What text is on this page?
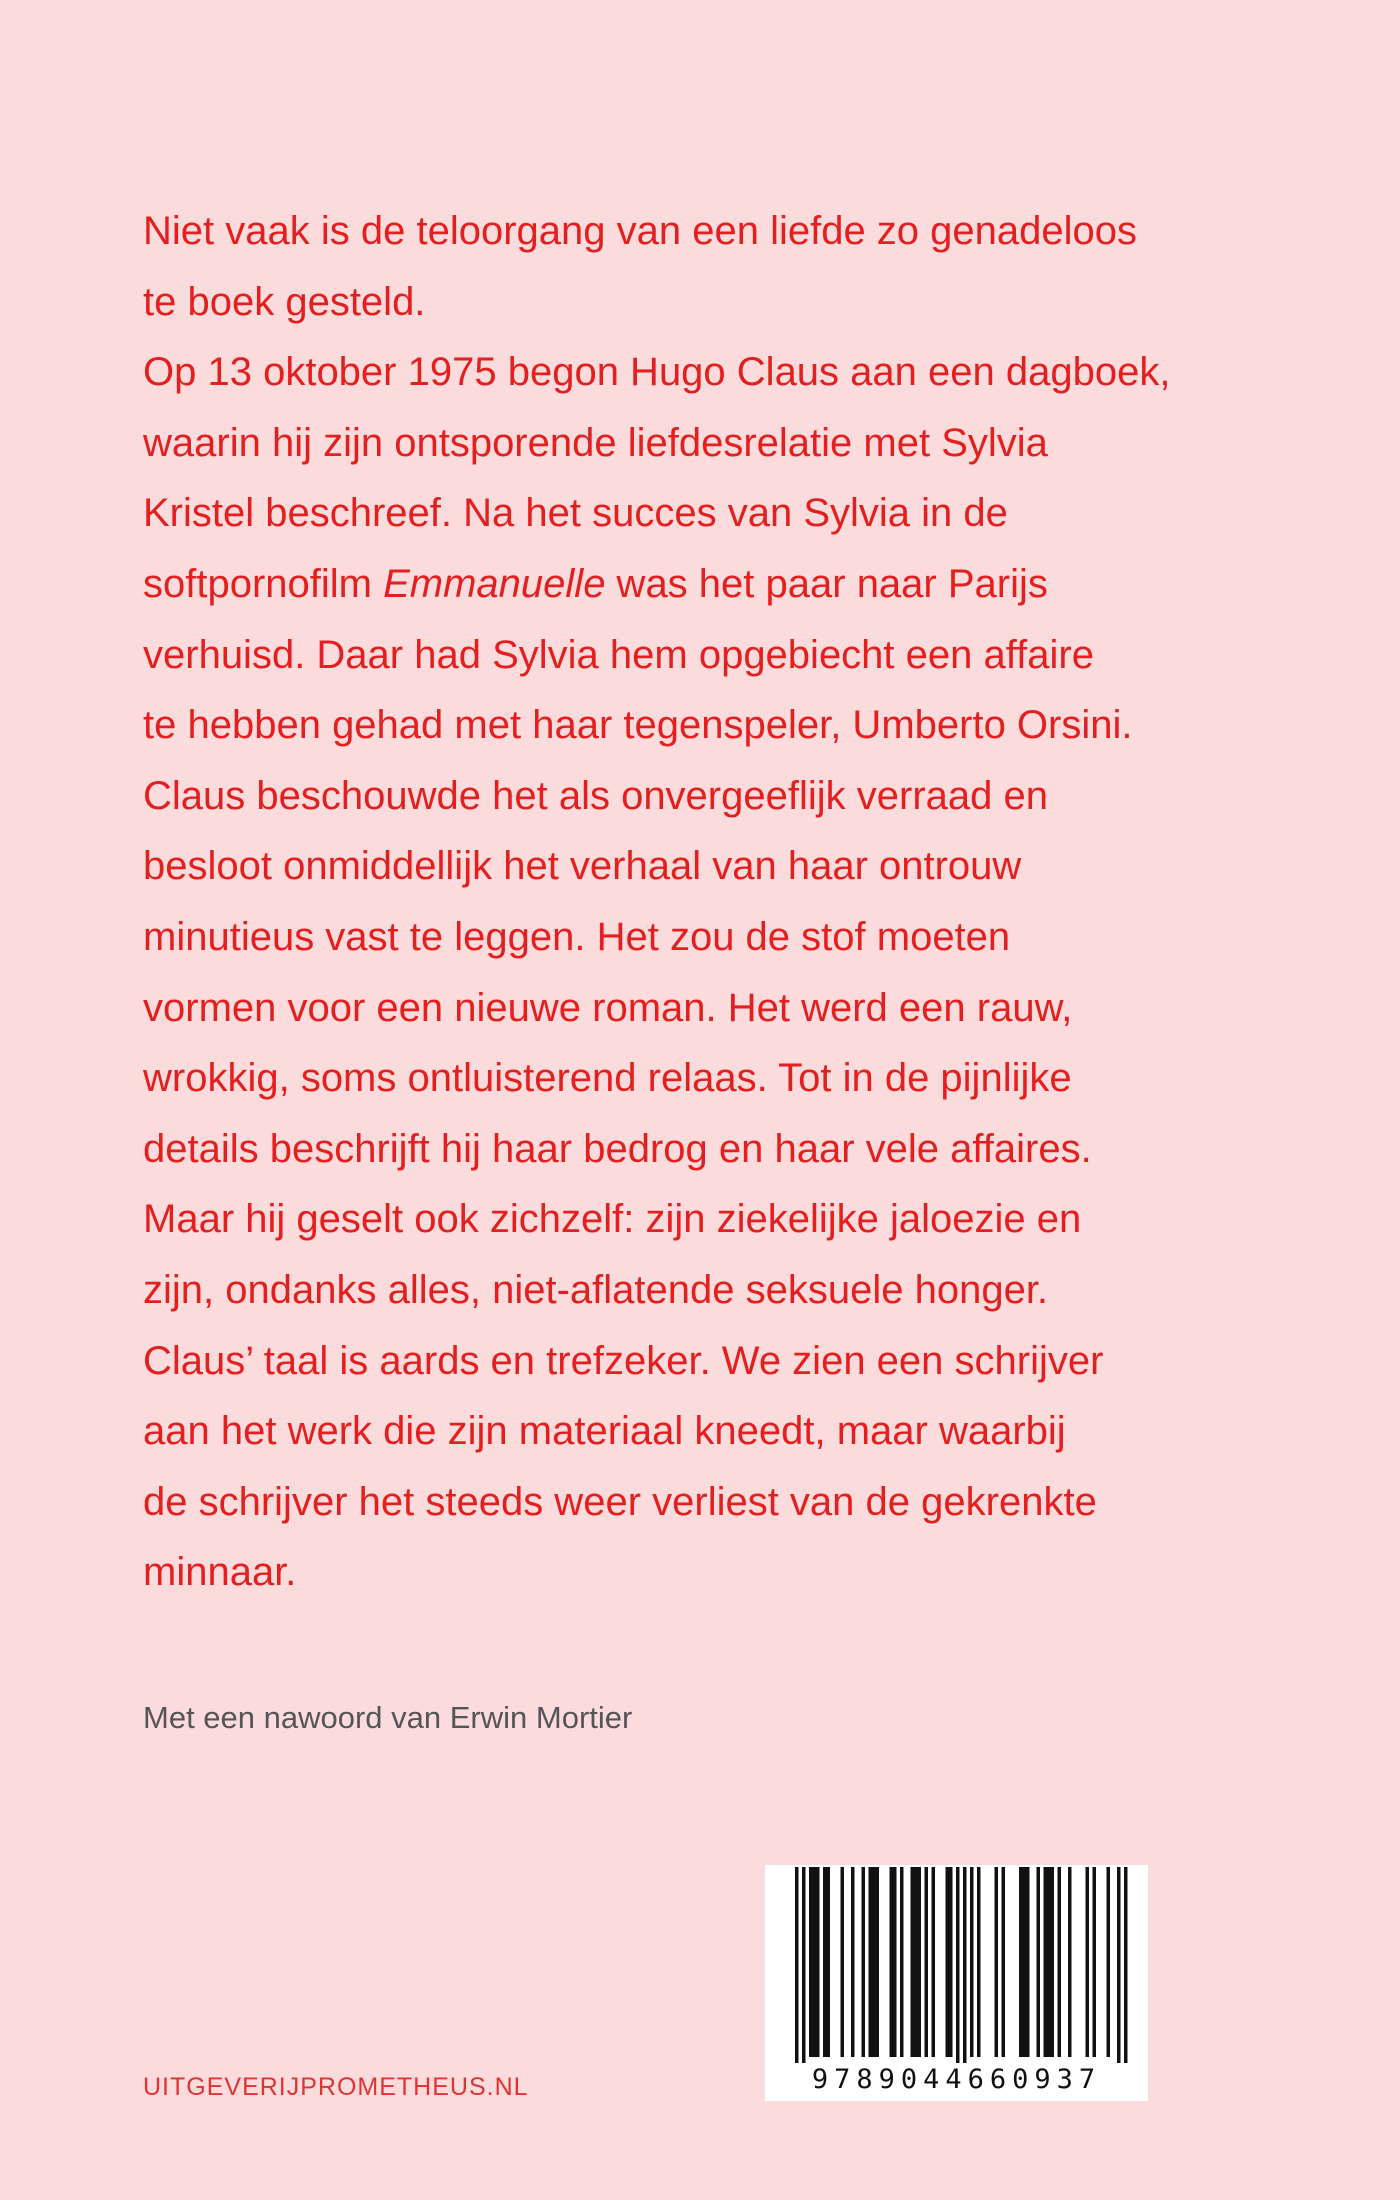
Niet vaak is de teloorgang van een liefde zo genadeloos
te boek gesteld.
Op 13 oktober 1975 begon Hugo Claus aan een dagboek,
waarin hij zijn ontsporende liefdesrelatie met Sylvia
Kristel beschreef. Na het succes van Sylvia in de
softpornofilm Emmanuelle was het paar naar Parijs
verhuisd. Daar had Sylvia hem opgebiecht een affaire
te hebben gehad met haar tegenspeler, Umberto Orsini.
Claus beschouwde het als onvergeeflijk verraad en
besloot onmiddellijk het verhaal van haar ontrouw
minutieus vast te leggen. Het zou de stof moeten
vormen voor een nieuwe roman. Het werd een rauw,
wrokkig, soms ontluisterend relaas. Tot in de pijnlijke
details beschrijft hij haar bedrog en haar vele affaires.
Maar hij geselt ook zichzelf: zijn ziekelijke jaloezie en
zijn, ondanks alles, niet-aflatende seksuele honger.
Claus’ taal is aards en trefzeker. We zien een schrijver
aan het werk die zijn materiaal kneedt, maar waarbij
de schrijver het steeds weer verliest van de gekrenkte
minnaar.
Met een nawoord van Erwin Mortier
9789044660937
UITGEVERIJPROMETHEUS.NL
